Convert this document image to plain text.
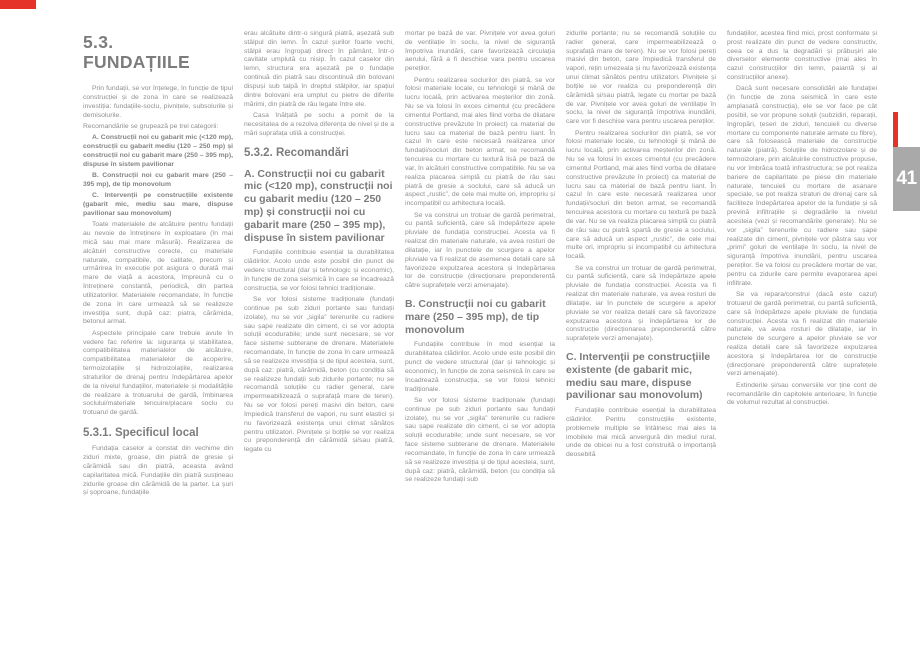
41
5.3.
FUNDAȚIILE

Prin fundații, se vor înțelege, în funcție de tipul construcției și de zona în care se realizează investiția: fundațiile-soclu, pivnițele, subsolurile și demisolurile.

Recomandările se grupează pe trei categorii:

A. Construcții noi cu gabarit mic (<120 mp), construcții cu gabarit mediu (120 – 250 mp) și construcții noi cu gabarit mare (250 – 395 mp), dispuse în sistem pavilionar

B. Construcții noi cu gabarit mare (250 – 395 mp), de tip monovolum

C. Intervenții pe construcțiile existente (gabarit mic, mediu sau mare, dispuse pavilionar sau monovolum)

Toate materialele de alcătuire pentru fundații au nevoie de întreținere în exploatare (în mai mică sau mai mare măsură). Realizarea de alcătuiri constructive corecte, cu materiale naturale, compatibile, de calitate, precum și urmărirea în execuție pot asigura o durată mai mare de viață a acestora, împreună cu o întreținere constantă, periodică, din partea utilizatorilor. Materialele recomandate, în funcție de zona în care urmează să se realizeze investiția sunt, după caz: piatra, cărămida, betonul armat.

Aspectele principale care trebuie avute în vedere fac referire la: siguranța și stabilitatea, compatibilitatea materialelor de alcătuire, compatibilitatea materialelor de acoperire, termoizolațiile și hidroizolațiile, realizarea straturilor de drenaj pentru îndepărtarea apelor de la nivelul fundațiilor, materialele și modalitățile de realizare a trotuarului de gardă, îmbinarea soclului/materiale tencuire/placare soclu cu trotuarul de gardă.

5.3.1. Specificul local

Fundația caselor a constat din vechime din ziduri mixte, groase, din piatră de gresie și cărămidă sau din piatră, aceasta având capilaritatea mică. Fundațiile din piatră susțineau zidurile groase din cărămidă de la parter. La șuri și șoproane, fundațiile

erau alcătuite dintr-o singură piatră, așezată sub stâlpul din lemn. În cazul șurilor foarte vechi, stâlpii erau îngropați direct în pământ, într-o cavitate umplută cu nisip. În cazul caselor din lemn, structura era așezată pe o fundație continuă din piatră sau discontinuă din bolovani dispuși sub talpă în dreptul stâlpilor, iar spațiul dintre bolovani era umplut cu pietre de diferite mărimi, din piatră de râu legate între ele.

Casa înălțată pe soclu a pornit de la necesitatea de a rezolva diferența de nivel și de a mări suprafața utilă a construcției.

5.3.2. Recomandări
A. Construcții noi cu gabarit mic (<120 mp), construcții noi cu gabarit mediu (120 – 250 mp) și construcții noi cu gabarit mare (250 – 395 mp), dispuse în sistem pavilionar

Fundațiile contribuie esențial la durabilitatea clădirilor. Acolo unde este posibil din punct de vedere structural (dar și tehnologic și economic), în funcție de zona seismică în care se încadrează construcția, se vor folosi tehnici tradiționale.

Se vor folosi sisteme tradiționale (fundații continue pe sub ziduri portante sau fundații izolate), nu se vor „sigila” terenurile cu radiere sau șape realizate din ciment, ci se vor adopta soluții ecodurabile; unde sunt necesare, se vor face sisteme subterane de drenare. Materialele recomandate, în funcție de zona în care urmează să se realizeze investiția și de tipul acesteia, sunt, după caz: piatră, cărămidă, beton (cu condiția să se realizeze fundații sub zidurile portante; nu se recomandă soluțiile cu radier general, care impermeabilizează o suprafață mare de teren). Nu se vor folosi pereți masivi din beton, care împiedică transferul de vapori, nu sunt elastici și nu favorizează existența unui climat sănătos pentru utilizatori. Pivnițele și bolțile se vor realiza cu preponderență din cărămidă și/sau piatră, legate cu

mortar pe bază de var. Pivnițele vor avea goluri de ventilație în soclu, la nivel de siguranță împotriva inundării, care favorizează circulația aerului, fără a fi deschise vara pentru uscarea pereților.

Pentru realizarea soclurilor din piatră, se vor folosi materiale locale, cu tehnologii și mână de lucru locală, prin activarea meșterilor din zonă. Nu se va folosi în exces cimentul (cu precădere cimentul Portland, mai ales fiind vorba de dilatare constructive prevăzute în proiect) ca material de lucru sau ca material de bază pentru liant. În cazul în care este necesară realizarea unor fundații/socluri din beton armat, se recomandă tencuirea cu mortare cu textură lisă pe bază de var, în alcătuiri constructive compatibile. Nu se va realiza placarea simplă cu piatră de râu sau piatră de gresie a soclului, care să aducă un aspect „rustic”, de cele mai multe ori, impropriu și incompatibil cu arhitectura locală.

Se va construi un trotuar de gardă perimetral, cu pantă suficientă, care să îndepărteze apele pluviale de fundația construcției. Acesta va fi realizat din materiale naturale, va avea rosturi de dilatație, iar în punctele de scurgere a apelor pluviale va fi realizat de asemenea detalii care să favorizeze expulzarea acestora și îndepărtarea lor de construcție (direcționare preponderentă către suprafețele verzi amenajate).

B. Construcții noi cu gabarit mare (250 – 395 mp), de tip monovolum

Fundațiile contribuie în mod esențial la durabilitatea clădirilor. Acolo unde este posibil din punct de vedere structural (dar și tehnologic și economic), în funcție de zona seismică în care se încadrează construcția, se vor folosi tehnici tradiționale.

Se vor folosi sisteme tradiționale (fundații continue pe sub ziduri portante sau fundații izolate), nu se vor „sigila” terenurile cu radiere sau șape realizate din ciment, ci se vor adopta soluții ecodurabile; unde sunt necesare, se vor face sisteme subterane de drenare. Materialele recomandate, în funcție de zona în care urmează să se realizeze investiția și de tipul acesteia, sunt, după caz: piatră, cărămidă, beton (cu condiția să se realizeze fundații sub

zidurile portante; nu se recomandă soluțiile cu radier general, care impermeabilizează o suprafață mare de teren). Nu se vor folosi pereți masivi din beton, care împiedică transferul de vapori, rețin umezeala și nu favorizează existența unui climat sănătos pentru utilizatori. Pivnițele și bolțile se vor realiza cu preponderență din cărămidă și/sau piatră, legate cu mortar pe bază de var. Pivnițele vor avea goluri de ventilație în soclu, la nivel de siguranță împotriva inundării, care vor fi deschise vara pentru uscarea pereților.

Pentru realizarea soclurilor din piatră, se vor folosi materiale locale, cu tehnologii și mână de lucru locală, prin activarea meșterilor din zonă. Nu se va folosi în exces cimentul (cu precădere cimentul Portland, mai ales fiind vorba de dilatare constructive prevăzute în proiect) ca material de lucru sau ca material de bază pentru liant. În cazul în care este necesară realizarea unor fundații/socluri din beton armat, se recomandă tencuirea acestora cu mortare cu textură pe bază de var. Nu se va realiza placarea simplă cu piatră de râu sau cu piatră spartă de gresie a soclului, care să aducă un aspect „rustic”, de cele mai multe ori, impropriu și incompatibil cu arhitectura locală.

Se va construi un trotuar de gardă perimetral, cu pantă suficientă, care să îndepărteze apele pluviale de fundația construcției. Acesta va fi realizat din materiale naturale, va avea rosturi de dilatație, iar în punctele de scurgere a apelor pluviale se vor realiza detalii care să favorizeze expulzarea acestora și îndepărtarea lor de construcție (direcționarea preponderentă către suprafețele verzi amenajate).

C. Intervenții pe construcțiile existente (de gabarit mic, mediu sau mare, dispuse pavilionar sau monovolum)

Fundațiile contribuie esențial la durabilitatea clădirilor. Pentru construcțiile existente, problemele multiple se întâlnesc mai ales la imobilele mai mică anvergură din mediul rural, unde de obicei nu a fost construită o importanță deosebită

fundațiilor, acestea fiind mici, prost conformate și prost realizate din punct de vedere constructiv, ceea ce a dus la degradări și prăbușiri ale diverselor elemente constructive (mai ales în cazul construcțiilor din lemn, paiantă și al construcțiilor anexe).

Dacă sunt necesare consolidări ale fundației (în funcție de zona seismică în care este amplasată construcția), ele se vor face pe cât posibil, se vor propune soluții (subzidiri, reparații, îngropări, țeseri de ziduri, tencuieli cu diverse mortare cu componente naturale armate cu fibre), care să folosească materiale de construcție naturale (piatră). Soluțiile de hidroizolare și de termoizolare, prin alcătuirile constructive propuse, nu vor îmbrăca toată infrastructura; se pot realiza bariere de capilaritate pe piese din materiale naturale, tencuieli cu mortare de asanare speciale, se pot realiza straturi de drenaj care să faciliteze îndepărtarea apelor de la fundație și să prevină infiltrațiile și degradările la nivelul acesteia (vezi și recomandările generale). Nu se vor „sigila” terenurile cu radiere sau șape realizate din ciment, pivnițele vor păstra sau vor „primi” goluri de ventilație în soclu, la nivel de siguranță împotriva inundării, pentru uscarea pereților. Se va folosi cu precădere mortar de var, pentru ca zidurile care permite evaporarea apei infiltrate.

Se va repara/construi (dacă este cazul) trotuarul de gardă perimetral, cu pantă suficientă, care să îndepărteze apele pluviale de fundația construcției. Acesta va fi realizat din materiale naturale, va avea rosturi de dilatație, iar în punctele de scurgere a apelor pluviale se vor realiza detalii care să favorizeze expulzarea acestora și îndepărtarea lor de construcție (direcționare preponderentă către suprafețele verzi amenajate).

Extinderile și/sau conversiile vor ține cont de recomandările din capitolele anterioare, în funcție de volumul rezultat al construcției.
